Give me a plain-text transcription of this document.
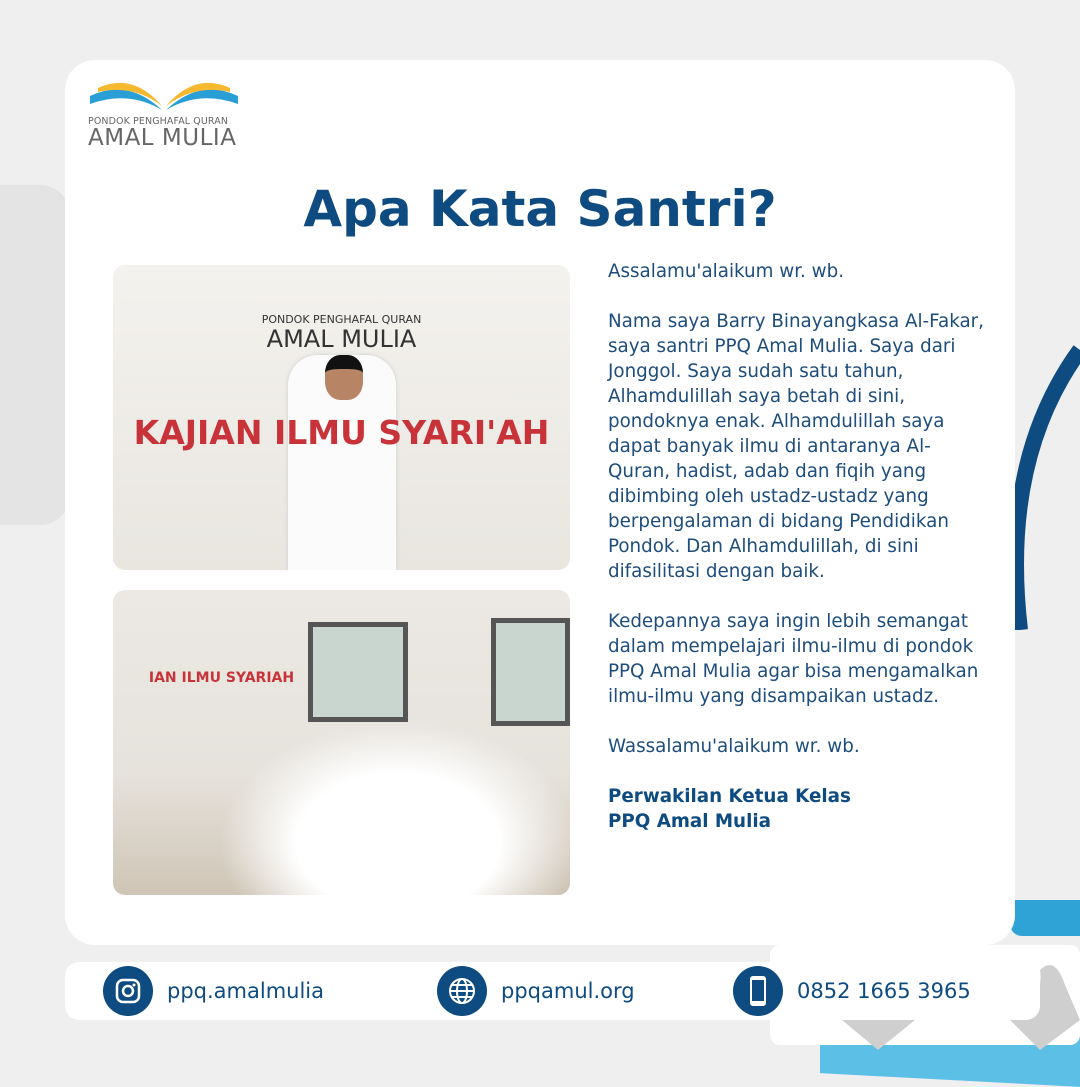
PONDOK PENGHAFAL QURAN
AMAL MULIA
Apa Kata Santri?
PONDOK PENGHAFAL QURAN
AMAL MULIA
KAJIAN ILMU SYARI'AH
IAN ILMU SYARIAH

Assalamu'alaikum wr. wb.

Nama saya Barry Binayangkasa Al-Fakar, saya santri PPQ Amal Mulia. Saya dari Jonggol. Saya sudah satu tahun, Alhamdulillah saya betah di sini, pondoknya enak. Alhamdulillah saya dapat banyak ilmu di antaranya Al-Quran, hadist, adab dan fiqih yang dibimbing oleh ustadz-ustadz yang berpengalaman di bidang Pendidikan Pondok. Dan Alhamdulillah, di sini difasilitasi dengan baik.

Kedepannya saya ingin lebih semangat dalam mempelajari ilmu-ilmu di pondok PPQ Amal Mulia agar bisa mengamalkan ilmu-ilmu yang disampaikan ustadz.

Wassalamu'alaikum wr. wb.

Perwakilan Ketua Kelas
PPQ Amal Mulia
ppq.amalmulia	ppqamul.org	0852 1665 3965
